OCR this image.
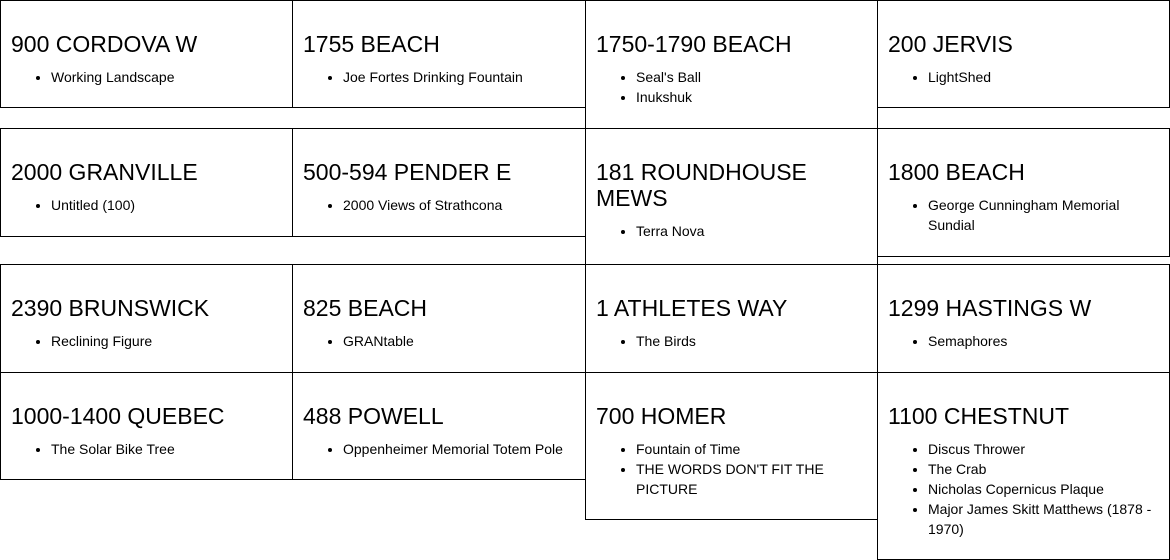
900 CORDOVA W
• Working Landscape
1755 BEACH
• Joe Fortes Drinking Fountain
1750-1790 BEACH
• Seal's Ball
• Inukshuk
200 JERVIS
• LightShed
2000 GRANVILLE
• Untitled (100)
500-594 PENDER E
• 2000 Views of Strathcona
181 ROUNDHOUSE MEWS
• Terra Nova
1800 BEACH
• George Cunningham Memorial Sundial
2390 BRUNSWICK
• Reclining Figure
825 BEACH
• GRANtable
1 ATHLETES WAY
• The Birds
1299 HASTINGS W
• Semaphores
1000-1400 QUEBEC
• The Solar Bike Tree
488 POWELL
• Oppenheimer Memorial Totem Pole
700 HOMER
• Fountain of Time
• THE WORDS DON'T FIT THE PICTURE
1100 CHESTNUT
• Discus Thrower
• The Crab
• Nicholas Copernicus Plaque
• Major James Skitt Matthews (1878 - 1970)
